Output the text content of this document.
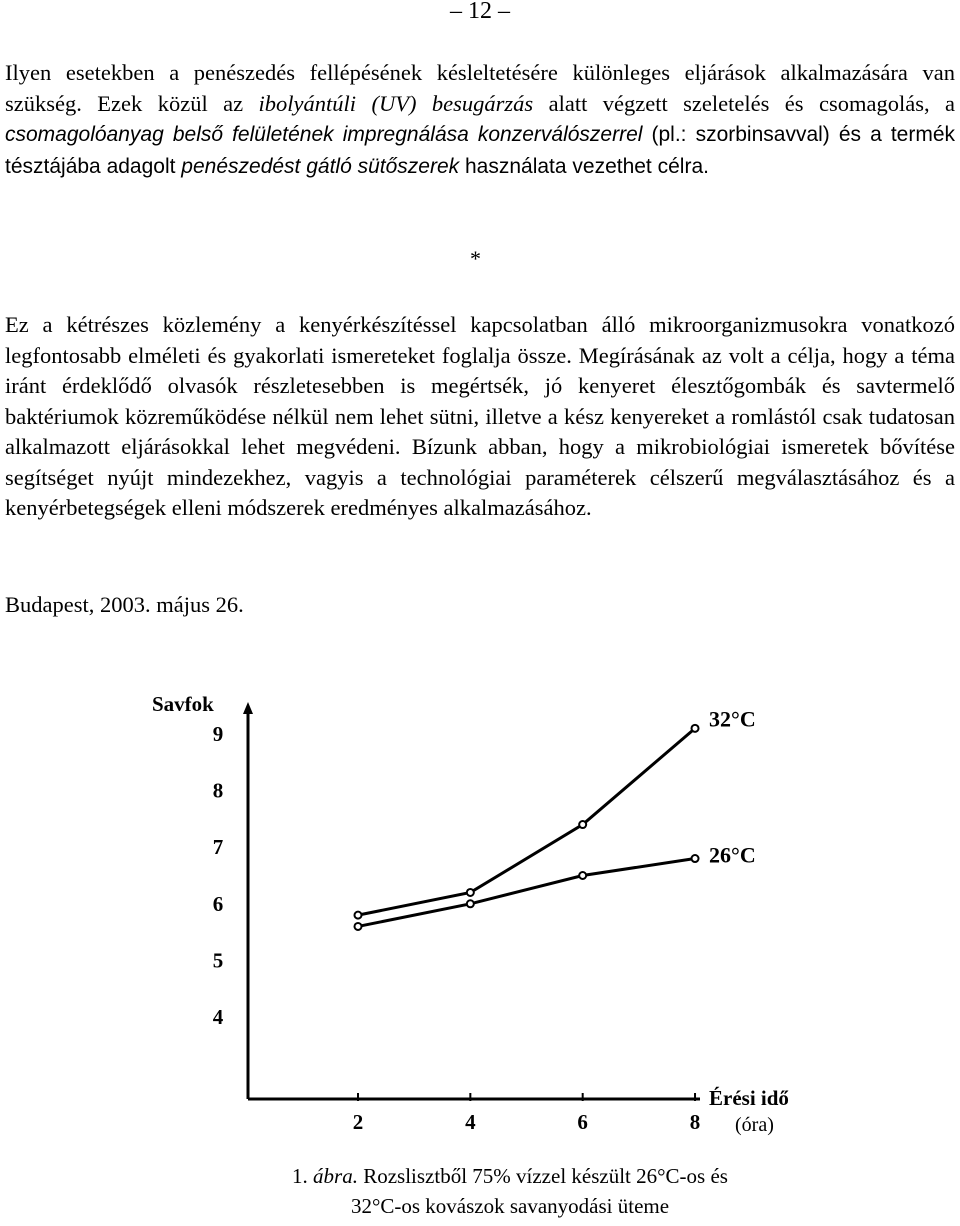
– 12 –

Ilyen esetekben a penészedés fellépésének késleltetésére különleges eljárások alkalmazására van szükség. Ezek közül az ibolyántúli (UV) besugárzás alatt végzett szeletelés és csomagolás, a csomagolóanyag belső felületének impregnálása konzerválószerrel (pl.: szorbinsavval) és a termék tésztájába adagolt penészedést gátló sütőszerek használata vezethet célra.

*

Ez a kétrészes közlemény a kenyérkészítéssel kapcsolatban álló mikroorganizmusokra vonatkozó legfontosabb elméleti és gyakorlati ismereteket foglalja össze. Megírásának az volt a célja, hogy a téma iránt érdeklődő olvasók részletesebben is megértsék, jó kenyeret élesztőgombák és savtermelő baktériumok közreműködése nélkül nem lehet sütni, illetve a kész kenyereket a romlástól csak tudatosan alkalmazott eljárásokkal lehet megvédeni. Bízunk abban, hogy a mikrobiológiai ismeretek bővítése segítséget nyújt mindezekhez, vagyis a technológiai paraméterek célszerű megválasztásához és a kenyérbetegségek elleni módszerek eredményes alkalmazásához.

Budapest, 2003. május 26.
4
5
6
7
8
9
2	4	6	8
32°C
26°C
Savfok
Érési idő
(óra)
1. ábra. Rozslisztből 75% vízzel készült 26°C-os és
32°C-os kovászok savanyodási üteme
